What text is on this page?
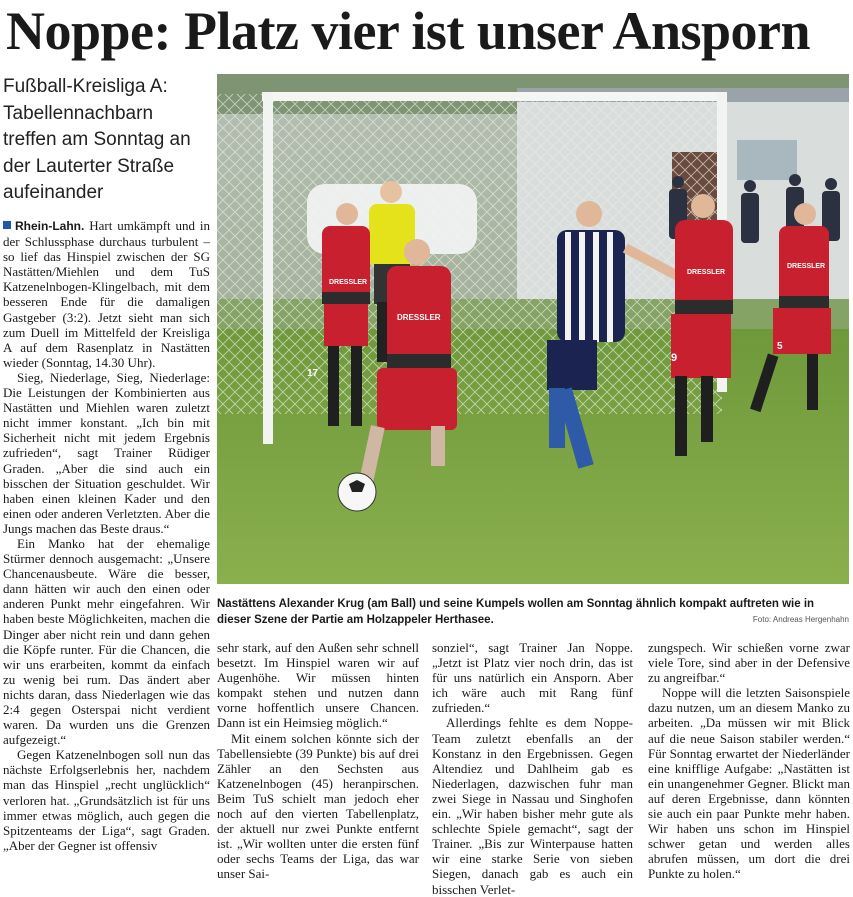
Noppe: Platz vier ist unser Ansporn
Fußball-Kreisliga A: Tabellennachbarn treffen am Sonntag an der Lauterter Straße aufeinander

Rhein-Lahn. Hart umkämpft und in der Schlussphase durchaus turbulent – so lief das Hinspiel zwischen der SG Nastätten/Miehlen und dem TuS Katzenelnbogen-Klingelbach, mit dem besseren Ende für die damaligen Gastgeber (3:2). Jetzt sieht man sich zum Duell im Mittelfeld der Kreisliga A auf dem Rasenplatz in Nastätten wieder (Sonntag, 14.30 Uhr).

Sieg, Niederlage, Sieg, Niederlage: Die Leistungen der Kombinierten aus Nastätten und Miehlen waren zuletzt nicht immer konstant. „Ich bin mit Sicherheit nicht mit jedem Ergebnis zufrieden“, sagt Trainer Rüdiger Graden. „Aber die sind auch ein bisschen der Situation geschuldet. Wir haben einen kleinen Kader und den einen oder anderen Verletzten. Aber die Jungs machen das Beste draus.“

Ein Manko hat der ehemalige Stürmer dennoch ausgemacht: „Unsere Chancenausbeute. Wäre die besser, dann hätten wir auch den einen oder anderen Punkt mehr eingefahren. Wir haben beste Möglichkeiten, machen die Dinger aber nicht rein und dann gehen die Köpfe runter. Für die Chancen, die wir uns erarbeiten, kommt da einfach zu wenig bei rum. Das ändert aber nichts daran, dass Niederlagen wie das 2:4 gegen Osterspai nicht verdient waren. Da wurden uns die Grenzen aufgezeigt.“

Gegen Katzenelnbogen soll nun das nächste Erfolgserlebnis her, nachdem man das Hinspiel „recht unglücklich“ verloren hat. „Grundsätzlich ist für uns immer etwas möglich, auch gegen die Spitzenteams der Liga“, sagt Graden. „Aber der Gegner ist offensiv

17
DRESSLER
DRESSLER
DRESSLER
9
DRESSLER
5
Nastättens Alexander Krug (am Ball) und seine Kumpels wollen am Sonntag ähnlich kompakt auftreten wie in dieser Szene der Partie am Holzappeler Herthasee.	Foto: Andreas Hergenhahn

sehr stark, auf den Außen sehr schnell besetzt. Im Hinspiel waren wir auf Augenhöhe. Wir müssen hinten kompakt stehen und nutzen dann vorne hoffentlich unsere Chancen. Dann ist ein Heimsieg möglich.“

Mit einem solchen könnte sich der Tabellensiebte (39 Punkte) bis auf drei Zähler an den Sechsten aus Katzenelnbogen (45) heranpirschen. Beim TuS schielt man jedoch eher noch auf den vierten Tabellenplatz, der aktuell nur zwei Punkte entfernt ist. „Wir wollten unter die ersten fünf oder sechs Teams der Liga, das war unser Sai-

sonziel“, sagt Trainer Jan Noppe. „Jetzt ist Platz vier noch drin, das ist für uns natürlich ein Ansporn. Aber ich wäre auch mit Rang fünf zufrieden.“

Allerdings fehlte es dem Noppe-Team zuletzt ebenfalls an der Konstanz in den Ergebnissen. Gegen Altendiez und Dahlheim gab es Niederlagen, dazwischen fuhr man zwei Siege in Nassau und Singhofen ein. „Wir haben bisher mehr gute als schlechte Spiele gemacht“, sagt der Trainer. „Bis zur Winterpause hatten wir eine starke Serie von sieben Siegen, danach gab es auch ein bisschen Verlet-

zungspech. Wir schießen vorne zwar viele Tore, sind aber in der Defensive zu angreifbar.“

Noppe will die letzten Saisonspiele dazu nutzen, um an diesem Manko zu arbeiten. „Da müssen wir mit Blick auf die neue Saison stabiler werden.“ Für Sonntag erwartet der Niederländer eine knifflige Aufgabe: „Nastätten ist ein unangenehmer Gegner. Blickt man auf deren Ergebnisse, dann könnten sie auch ein paar Punkte mehr haben. Wir haben uns schon im Hinspiel schwer getan und werden alles abrufen müssen, um dort die drei Punkte zu holen.“
